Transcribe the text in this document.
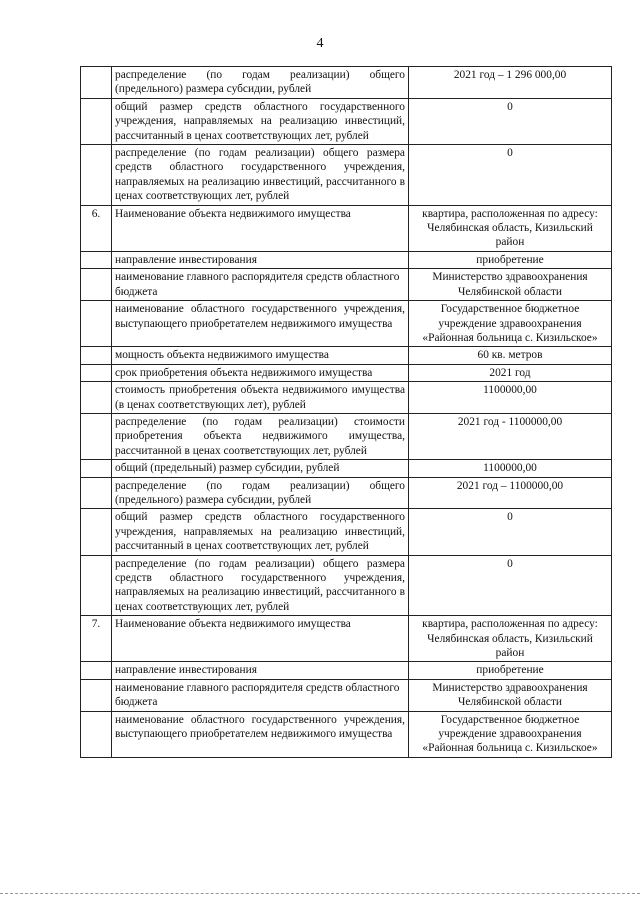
4
	распределение (по годам реализации) общего (предельного) размера субсидии, рублей	2021 год – 1 296 000,00
	общий размер средств областного государственного учреждения, направляемых на реализацию инвестиций, рассчитанный в ценах соответствующих лет, рублей	0
	распределение (по годам реализации) общего размера средств областного государственного учреждения, направляемых на реализацию инвестиций, рассчитанного в ценах соответствующих лет, рублей	0
6.	Наименование объекта недвижимого имущества	квартира, расположенная по адресу: Челябинская область, Кизильский район
	направление инвестирования	приобретение
	наименование главного распорядителя средств областного бюджета	Министерство здравоохранения Челябинской области
	наименование областного государственного учреждения, выступающего приобретателем недвижимого имущества	Государственное бюджетное учреждение здравоохранения «Районная больница с. Кизильское»
	мощность объекта недвижимого имущества	60 кв. метров
	срок приобретения объекта недвижимого имущества	2021 год
	стоимость приобретения объекта недвижимого имущества (в ценах соответствующих лет), рублей	1100000,00
	распределение (по годам реализации) стоимости приобретения объекта недвижимого имущества, рассчитанной в ценах соответствующих лет, рублей	2021 год - 1100000,00
	общий (предельный) размер субсидии, рублей	1100000,00
	распределение (по годам реализации) общего (предельного) размера субсидии, рублей	2021 год – 1100000,00
	общий размер средств областного государственного учреждения, направляемых на реализацию инвестиций, рассчитанный в ценах соответствующих лет, рублей	0
	распределение (по годам реализации) общего размера средств областного государственного учреждения, направляемых на реализацию инвестиций, рассчитанного в ценах соответствующих лет, рублей	0
7.	Наименование объекта недвижимого имущества	квартира, расположенная по адресу: Челябинская область, Кизильский район
	направление инвестирования	приобретение
	наименование главного распорядителя средств областного бюджета	Министерство здравоохранения Челябинской области
	наименование областного государственного учреждения, выступающего приобретателем недвижимого имущества	Государственное бюджетное учреждение здравоохранения «Районная больница с. Кизильское»
